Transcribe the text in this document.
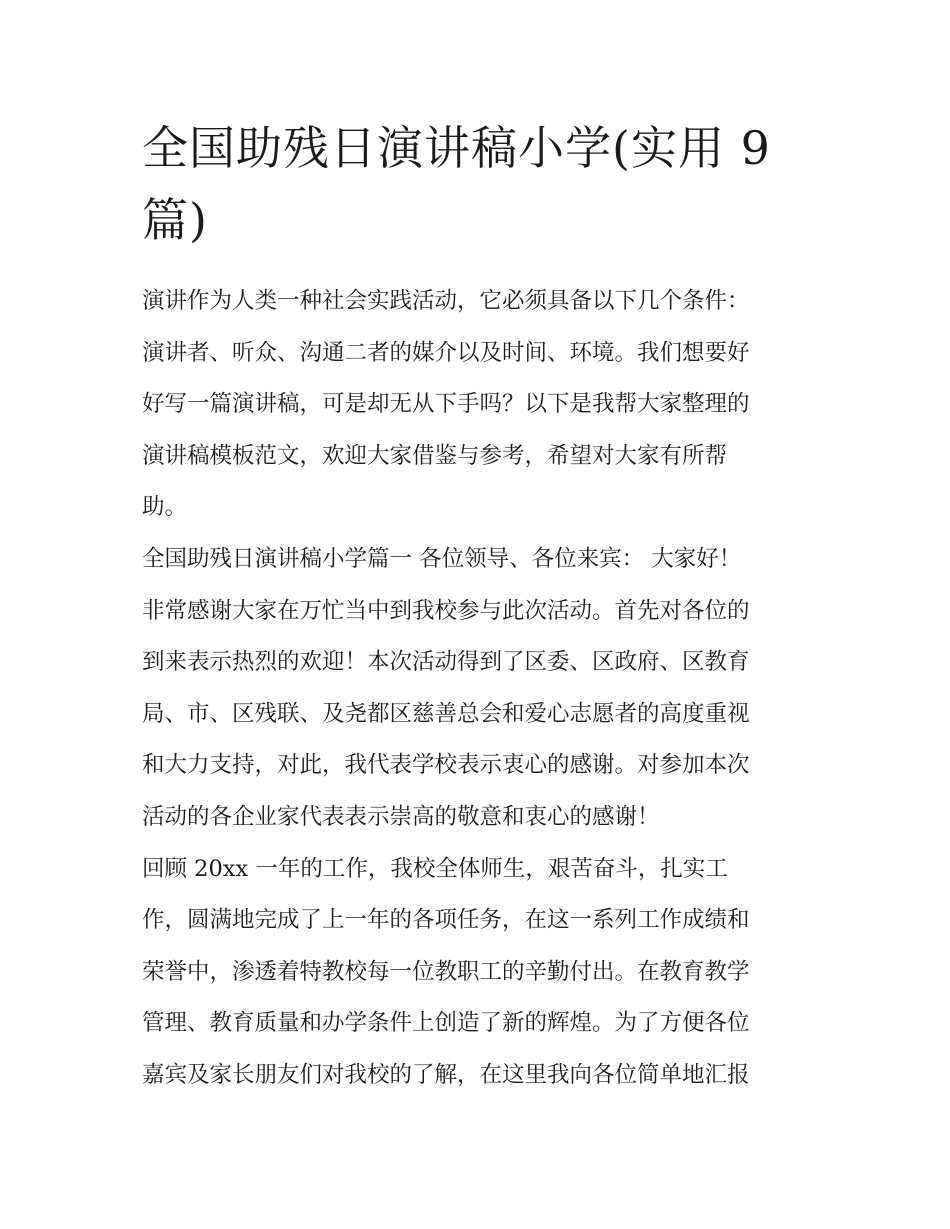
全国助残日演讲稿小学(实用 9
篇)

演讲作为人类一种社会实践活动，它必须具备以下几个条件：
演讲者、听众、沟通二者的媒介以及时间、环境。我们想要好
好写一篇演讲稿，可是却无从下手吗？以下是我帮大家整理的
演讲稿模板范文，欢迎大家借鉴与参考，希望对大家有所帮
助。

全国助残日演讲稿小学篇一 各位领导、各位来宾： 大家好！
非常感谢大家在万忙当中到我校参与此次活动。首先对各位的
到来表示热烈的欢迎！本次活动得到了区委、区政府、区教育
局、市、区残联、及尧都区慈善总会和爱心志愿者的高度重视
和大力支持，对此，我代表学校表示衷心的感谢。对参加本次
活动的各企业家代表表示崇高的敬意和衷心的感谢！

回顾 20xx 一年的工作，我校全体师生，艰苦奋斗，扎实工
作，圆满地完成了上一年的各项任务，在这一系列工作成绩和
荣誉中，渗透着特教校每一位教职工的辛勤付出。在教育教学
管理、教育质量和办学条件上创造了新的辉煌。为了方便各位
嘉宾及家长朋友们对我校的了解，在这里我向各位简单地汇报
